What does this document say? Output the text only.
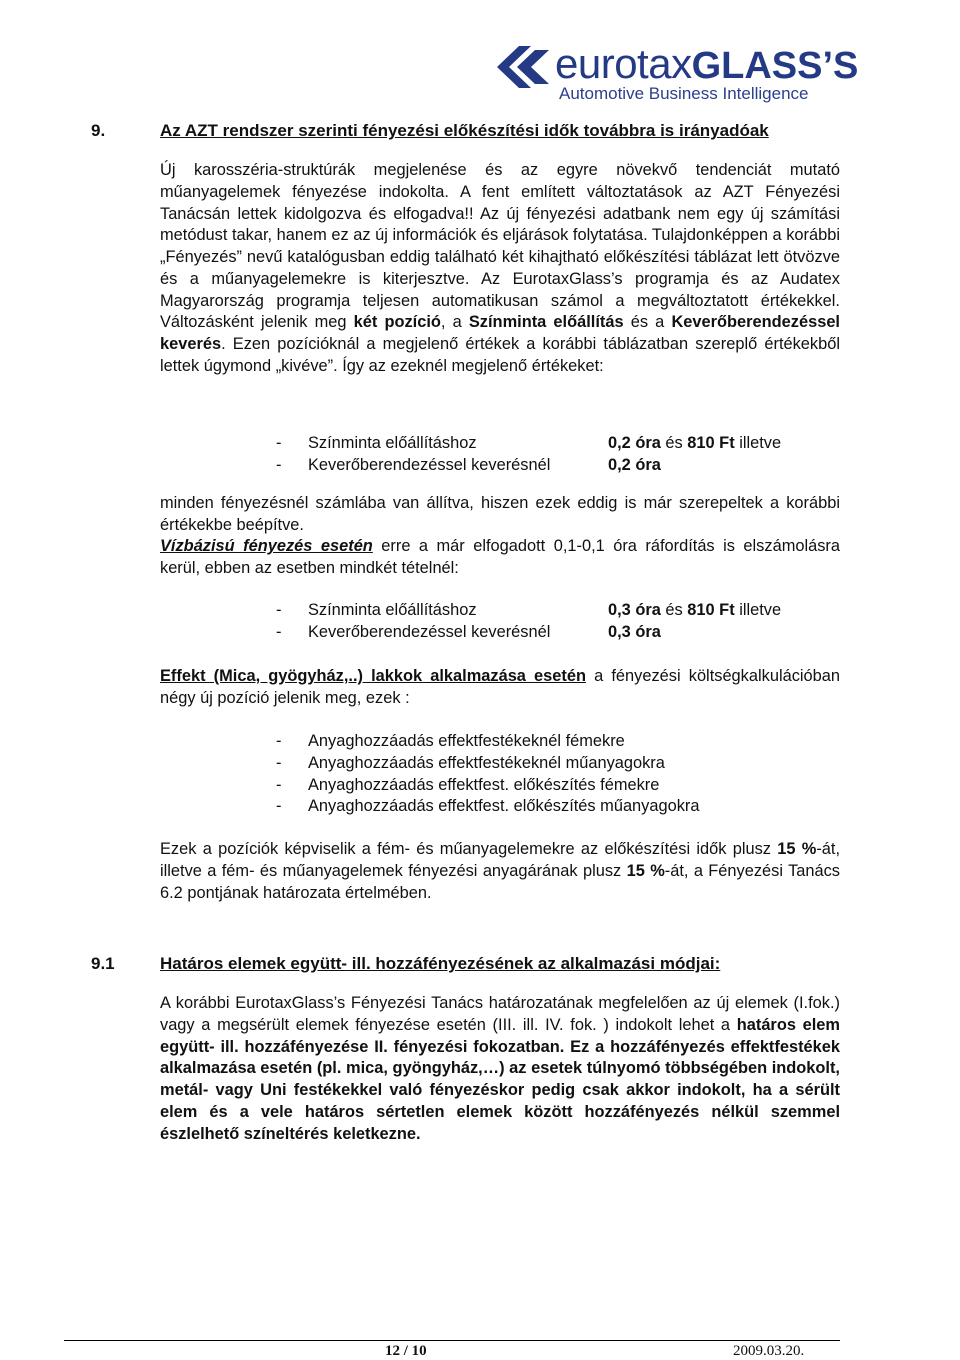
eurotaxGLASS’S
Automotive Business Intelligence
9.	Az AZT rendszer szerinti fényezési előkészítési idők továbbra is irányadóak

Új karosszéria-struktúrák megjelenése és az egyre növekvő tendenciát mutató műanyagelemek fényezése indokolta. A fent említett változtatások az AZT Fényezési Tanácsán lettek kidolgozva és elfogadva!! Az új fényezési adatbank nem egy új számítási metódust takar, hanem ez az új információk és eljárások folytatása. Tulajdonképpen a korábbi „Fényezés” nevű katalógusban eddig található két kihajtható előkészítési táblázat lett ötvözve és a műanyagelemekre is kiterjesztve. Az EurotaxGlass’s programja és az Audatex Magyarország programja teljesen automatikusan számol a megváltoztatott értékekkel. Változásként jelenik meg két pozíció, a Színminta előállítás és a Keverőberendezéssel keverés. Ezen pozícióknál a megjelenő értékek a korábbi táblázatban szereplő értékekből lettek úgymond „kivéve”. Így az ezeknél megjelenő értékeket:

- Színminta előállításhoz	0,2 óra és 810 Ft illetve
- Keverőberendezéssel keverésnél	0,2 óra
minden fényezésnél számlába van állítva, hiszen ezek eddig is már szerepeltek a korábbi értékekbe beépítve.

Vízbázisú fényezés esetén erre a már elfogadott 0,1-0,1 óra ráfordítás is elszámolásra kerül, ebben az esetben mindkét tételnél:

- Színminta előállításhoz	0,3 óra és 810 Ft illetve
- Keverőberendezéssel keverésnél	0,3 óra

Effekt (Mica, gyögyház,..) lakkok alkalmazása esetén a fényezési költségkalkulációban négy új pozíció jelenik meg, ezek :

- Anyaghozzáadás effektfestékeknél fémekre
- Anyaghozzáadás effektfestékeknél műanyagokra
- Anyaghozzáadás effektfest. előkészítés fémekre
- Anyaghozzáadás effektfest. előkészítés műanyagokra

Ezek a pozíciók képviselik a fém- és műanyagelemekre az előkészítési idők plusz 15 %-át, illetve a fém- és műanyagelemek fényezési anyagárának plusz 15 %-át, a Fényezési Tanács 6.2 pontjának határozata értelmében.

9.1	Határos elemek együtt- ill. hozzáfényezésének az alkalmazási módjai:

A korábbi EurotaxGlass’s Fényezési Tanács határozatának megfelelően az új elemek (I.fok.) vagy a megsérült elemek fényezése esetén (III. ill. IV. fok. ) indokolt lehet a határos elem együtt- ill. hozzáfényezése II. fényezési fokozatban. Ez a hozzáfényezés effektfestékek alkalmazása esetén (pl. mica, gyöngyház,…) az esetek túlnyomó többségében indokolt, metál- vagy Uni festékekkel való fényezéskor pedig csak akkor indokolt, ha a sérült elem és a vele határos sértetlen elemek között hozzáfényezés nélkül szemmel észlelhető színeltérés keletkezne.

12 / 10	2009.03.20.
